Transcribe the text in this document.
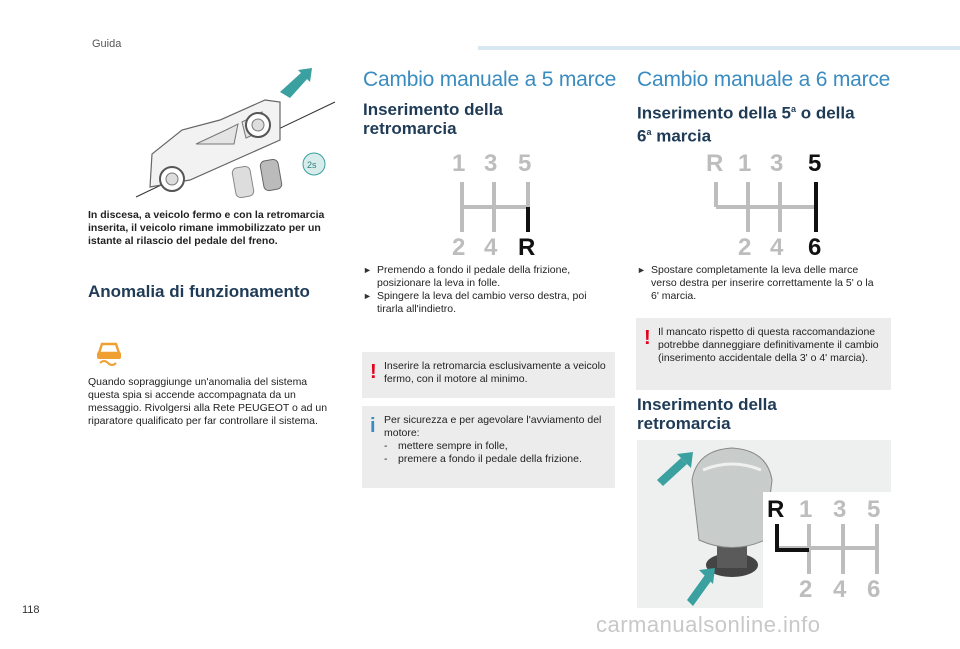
Guida
118
carmanualsonline.info
2s
In discesa, a veicolo fermo e con la retromarcia inserita, il veicolo rimane immobilizzato per un istante al rilascio del pedale del freno.
Anomalia di funzionamento
Quando sopraggiunge un'anomalia del sistema questa spia si accende accompagnata da un messaggio. Rivolgersi alla Rete PEUGEOT o ad un riparatore qualificato per far controllare il sistema.
Cambio manuale a 5 marce
Inserimento della retromarcia
1 3 5
2 4 R
► Premendo a fondo il pedale della frizione, posizionare la leva in folle.
► Spingere la leva del cambio verso destra, poi tirarla all'indietro.
! Inserire la retromarcia esclusivamente a veicolo fermo, con il motore al minimo.
i Per sicurezza e per agevolare l'avviamento del motore:
- mettere sempre in folle,
- premere a fondo il pedale della frizione.
Cambio manuale a 6 marce
Inserimento della 5$^a$ o della
6$^a$ marcia
R 1 3 5
2 4 6
► Spostare completamente la leva delle marce verso destra per inserire correttamente la 5' o la 6' marcia.
! Il mancato rispetto di questa raccomandazione potrebbe danneggiare definitivamente il cambio (inserimento accidentale della 3' o 4' marcia).
Inserimento della retromarcia
R 1 3 5
2 4 6
